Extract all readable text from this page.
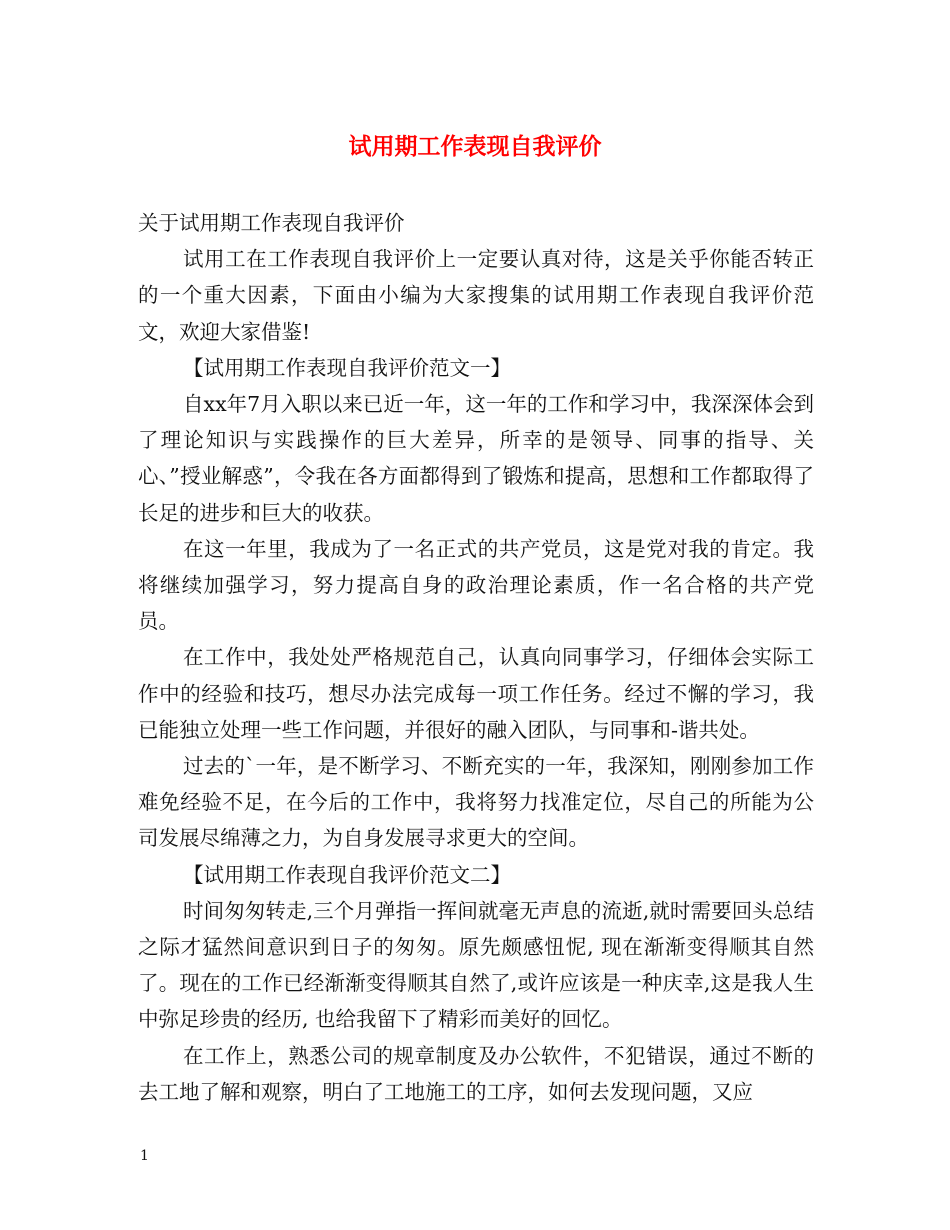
试用期工作表现自我评价

关于试用期工作表现自我评价

试用工在工作表现自我评价上一定要认真对待，这是关乎你能否转正的一个重大因素，下面由小编为大家搜集的试用期工作表现自我评价范文，欢迎大家借鉴!

【试用期工作表现自我评价范文一】

自xx年7月入职以来已近一年，这一年的工作和学习中，我深深体会到了理论知识与实践操作的巨大差异，所幸的是领导、同事的指导、关心、”授业解惑”，令我在各方面都得到了锻炼和提高，思想和工作都取得了长足的进步和巨大的收获。

在这一年里，我成为了一名正式的共产党员，这是党对我的肯定。我将继续加强学习，努力提高自身的政治理论素质，作一名合格的共产党员。

在工作中，我处处严格规范自己，认真向同事学习，仔细体会实际工作中的经验和技巧，想尽办法完成每一项工作任务。经过不懈的学习，我已能独立处理一些工作问题，并很好的融入团队，与同事和-谐共处。

过去的`一年，是不断学习、不断充实的一年，我深知，刚刚参加工作难免经验不足，在今后的工作中，我将努力找准定位，尽自己的所能为公司发展尽绵薄之力，为自身发展寻求更大的空间。

【试用期工作表现自我评价范文二】

时间匆匆转走,三个月弹指一挥间就毫无声息的流逝,就时需要回头总结之际才猛然间意识到日子的匆匆。原先颇感忸怩, 现在渐渐变得顺其自然了。现在的工作已经渐渐变得顺其自然了,或许应该是一种庆幸,这是我人生中弥足珍贵的经历, 也给我留下了精彩而美好的回忆。

在工作上，熟悉公司的规章制度及办公软件，不犯错误，通过不断的去工地了解和观察，明白了工地施工的工序，如何去发现问题，又应

1
